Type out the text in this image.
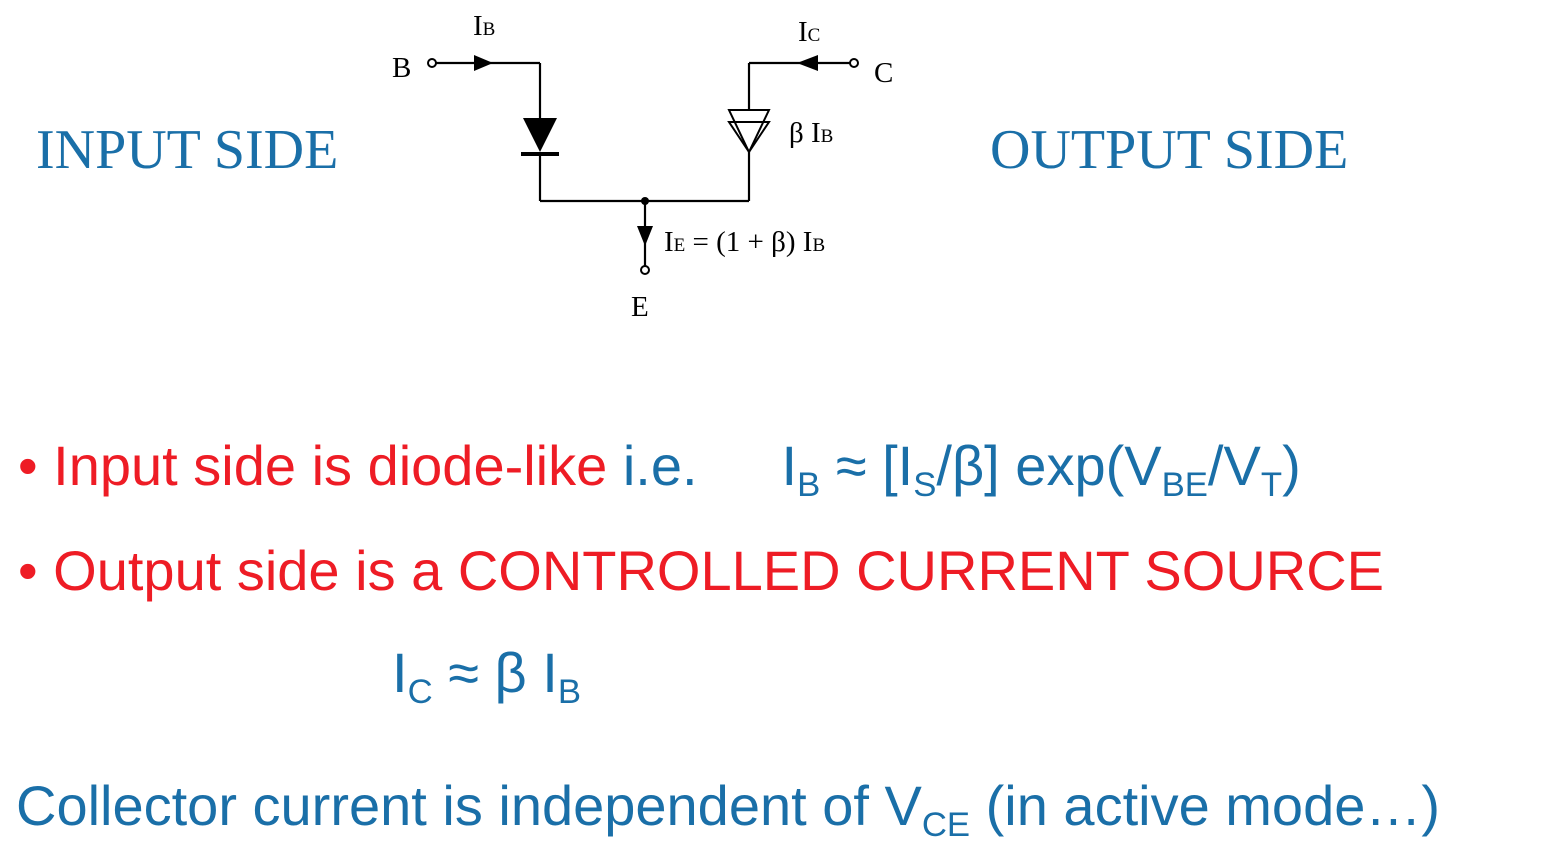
INPUT SIDE	OUTPUT SIDE
B	C
E
IB	IC
β IB
IE = (1 + β) IB
• Input side is diode-like i.e. $I_B \approx [I_S/\beta]$ $\exp(V_{BE}/V_T)$
• Output side is a CONTROLLED CURRENT SOURCE
$I_C \approx \beta$ $I_B$
Collector current is independent of $V_{CE}$ (in active mode…)
